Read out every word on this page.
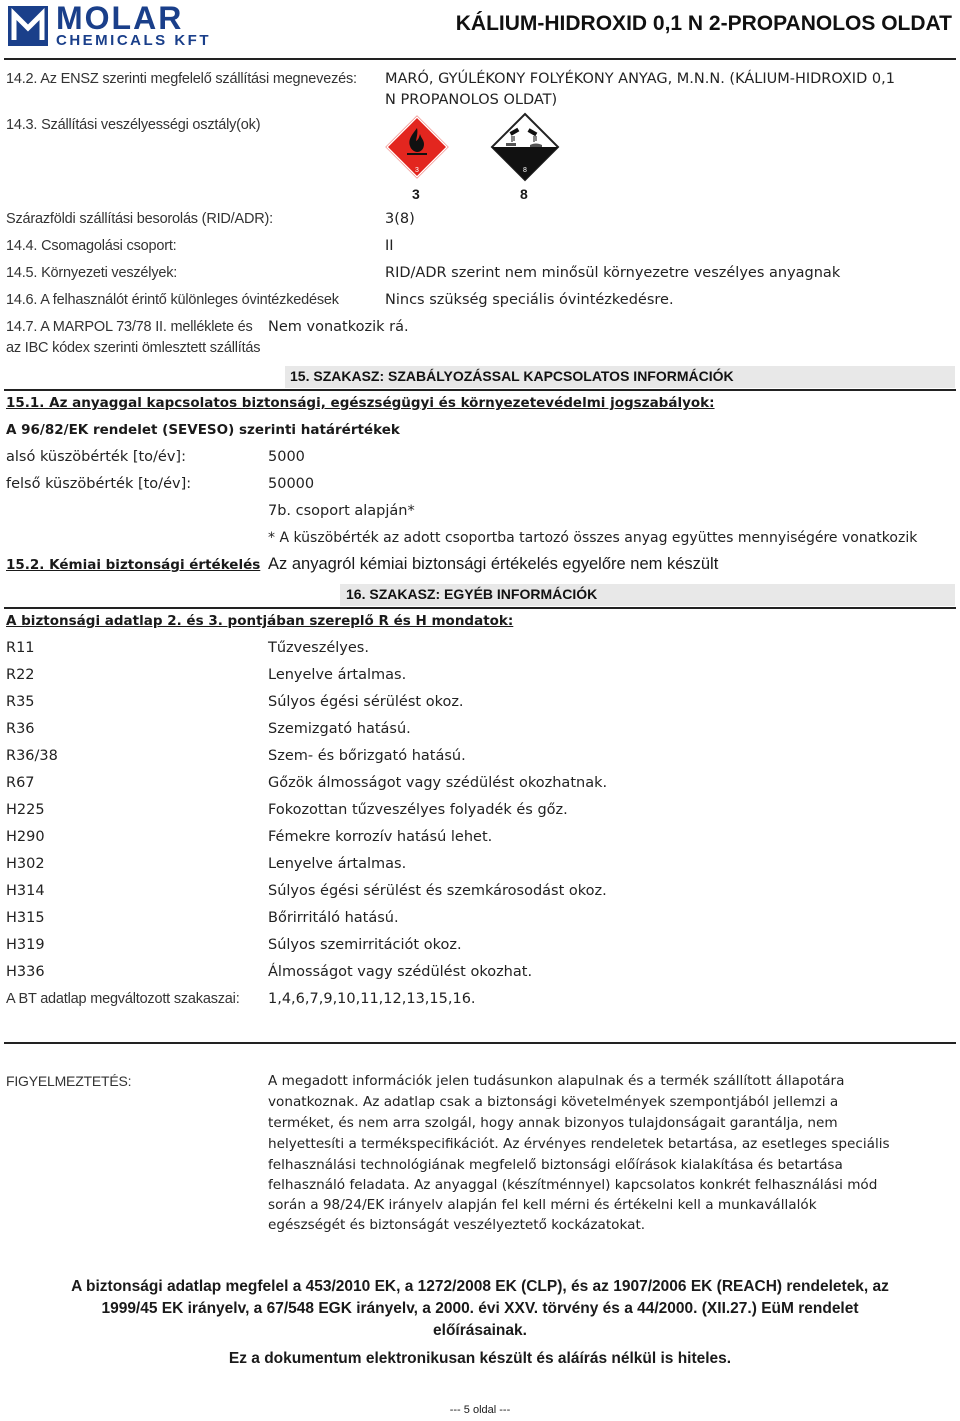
MOLAR
CHEMICALS KFT
KÁLIUM-HIDROXID 0,1 N 2-PROPANOLOS OLDAT
14.2. Az ENSZ szerinti megfelelő szállítási megnevezés: MARÓ, GYÚLÉKONY FOLYÉKONY ANYAG, M.N.N. (KÁLIUM-HIDROXID 0,1
N PROPANOLOS OLDAT)
14.3. Szállítási veszélyességi osztály(ok)
3	8
3	8
Szárazföldi szállítási besorolás (RID/ADR):	3(8)
14.4. Csomagolási csoport:	II
14.5. Környezeti veszélyek:	RID/ADR szerint nem minősül környezetre veszélyes anyagnak
14.6. A felhasználót érintő különleges óvintézkedések	Nincs szükség speciális óvintézkedésre.
14.7. A MARPOL 73/78 II. melléklete és
az IBC kódex szerinti ömlesztett szállítás
Nem vonatkozik rá.
15. SZAKASZ: SZABÁLYOZÁSSAL KAPCSOLATOS INFORMÁCIÓK
15.1. Az anyaggal kapcsolatos biztonsági, egészségügyi és környezetevédelmi jogszabályok:
A 96/82/EK rendelet (SEVESO) szerinti határértékek
alsó küszöbérték [to/év]:	5000
felső küszöbérték [to/év]:	50000
7b. csoport alapján*
* A küszöbérték az adott csoportba tartozó összes anyag együttes mennyiségére vonatkozik
15.2. Kémiai biztonsági értékelés Az anyagról kémiai biztonsági értékelés egyelőre nem készült
16. SZAKASZ: EGYÉB INFORMÁCIÓK
A biztonsági adatlap 2. és 3. pontjában szereplő R és H mondatok:
R11	Tűzveszélyes.
R22	Lenyelve ártalmas.
R35	Súlyos égési sérülést okoz.
R36	Szemizgató hatású.
R36/38	Szem- és bőrizgató hatású.
R67	Gőzök álmosságot vagy szédülést okozhatnak.
H225	Fokozottan tűzveszélyes folyadék és gőz.
H290	Fémekre korrozív hatású lehet.
H302	Lenyelve ártalmas.
H314	Súlyos égési sérülést és szemkárosodást okoz.
H315	Bőrirritáló hatású.
H319	Súlyos szemirritációt okoz.
H336	Álmosságot vagy szédülést okozhat.
A BT adatlap megváltozott szakaszai: 1,4,6,7,9,10,11,12,13,15,16.
FIGYELMEZTETÉS:	A megadott információk jelen tudásunkon alapulnak és a termék szállított állapotára
vonatkoznak. Az adatlap csak a biztonsági követelmények szempontjából jellemzi a
terméket, és nem arra szolgál, hogy annak bizonyos tulajdonságait garantálja, nem
helyettesíti a termékspecifikációt. Az érvényes rendeletek betartása, az esetleges speciális
felhasználási technológiának megfelelő biztonsági előírások kialakítása és betartása
felhasználó feladata. Az anyaggal (készítménnyel) kapcsolatos konkrét felhasználási mód
során a 98/24/EK irányelv alapján fel kell mérni és értékelni kell a munkavállalók
egészségét és biztonságát veszélyeztető kockázatokat.
A biztonsági adatlap megfelel a 453/2010 EK, a 1272/2008 EK (CLP), és az 1907/2006 EK (REACH) rendeletek, az
1999/45 EK irányelv, a 67/548 EGK irányelv, a 2000. évi XXV. törvény és a 44/2000. (XII.27.) EüM rendelet
előírásainak.
Ez a dokumentum elektronikusan készült és aláírás nélkül is hiteles.
--- 5 oldal ---
